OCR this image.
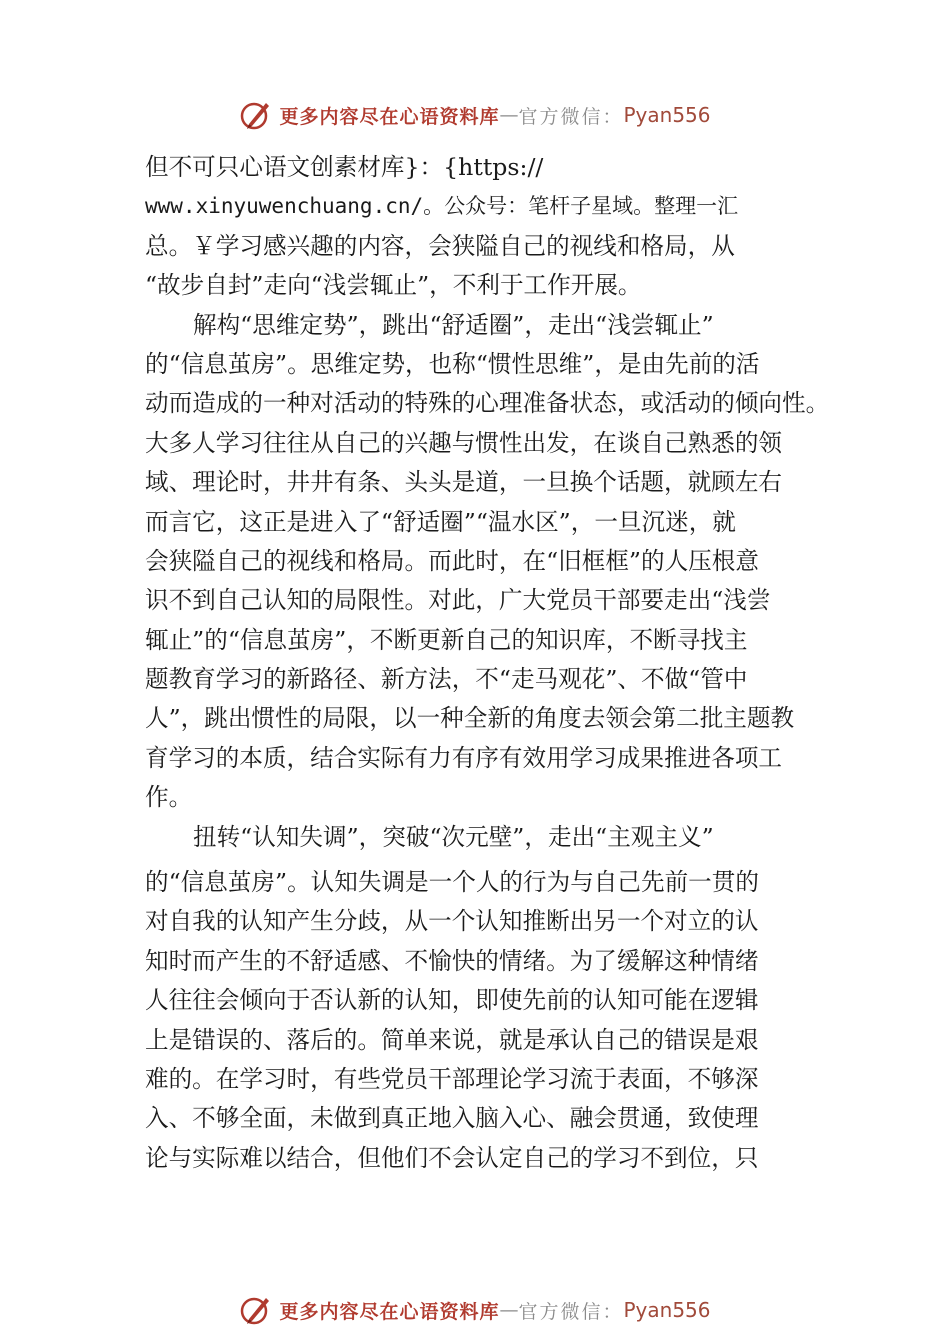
更多内容尽在心语资料库 — 官方微信： Pyan556
但不可只心语文创素材库}：{https://
www.xinyuwenchuang.cn/。公众号：笔杆子星域。整理一汇
总。￥学习感兴趣的内容，会狭隘自己的视线和格局，从
“故步自封”走向“浅尝辄止”，不利于工作开展。
解构“思维定势”，跳出“舒适圈”，走出“浅尝辄止”
的“信息茧房”。思维定势，也称“惯性思维”，是由先前的活
动而造成的一种对活动的特殊的心理准备状态，或活动的倾向性。
大多人学习往往从自己的兴趣与惯性出发，在谈自己熟悉的领
域、理论时，井井有条、头头是道，一旦换个话题，就顾左右
而言它，这正是进入了“舒适圈”“温水区”，一旦沉迷，就
会狭隘自己的视线和格局。而此时，在“旧框框”的人压根意
识不到自己认知的局限性。对此，广大党员干部要走出“浅尝
辄止”的“信息茧房”，不断更新自己的知识库，不断寻找主
题教育学习的新路径、新方法，不“走马观花”、不做“管中
人”，跳出惯性的局限，以一种全新的角度去领会第二批主题教
育学习的本质，结合实际有力有序有效用学习成果推进各项工
作。
扭转“认知失调”，突破“次元壁”，走出“主观主义”
的“信息茧房”。认知失调是一个人的行为与自己先前一贯的
对自我的认知产生分歧，从一个认知推断出另一个对立的认
知时而产生的不舒适感、不愉快的情绪。为了缓解这种情绪
人往往会倾向于否认新的认知，即使先前的认知可能在逻辑
上是错误的、落后的。简单来说，就是承认自己的错误是艰
难的。在学习时，有些党员干部理论学习流于表面，不够深
入、不够全面，未做到真正地入脑入心、融会贯通，致使理
论与实际难以结合，但他们不会认定自己的学习不到位，只
更多内容尽在心语资料库 — 官方微信： Pyan556
